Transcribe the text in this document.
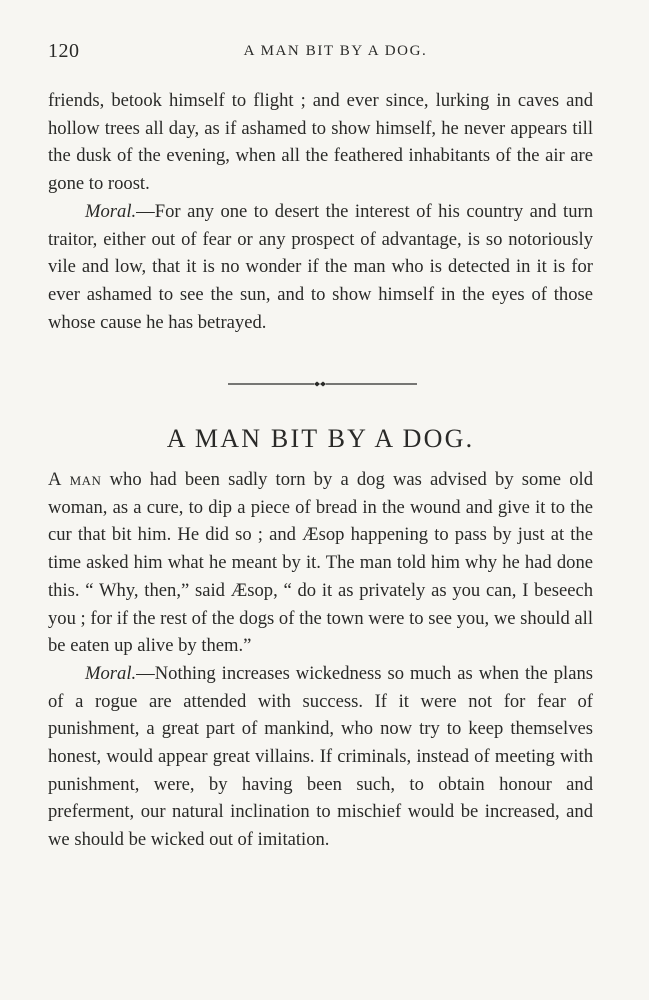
120	A MAN BIT BY A DOG.

friends, betook himself to flight ; and ever since, lurking in caves and hollow trees all day, as if ashamed to show himself, he never appears till the dusk of the evening, when all the feathered inhabitants of the air are gone to roost.

Moral.—For any one to desert the interest of his country and turn traitor, either out of fear or any prospect of advantage, is so notoriously vile and low, that it is no wonder if the man who is detected in it is for ever ashamed to see the sun, and to show himself in the eyes of those whose cause he has betrayed.

A MAN BIT BY A DOG.

A man who had been sadly torn by a dog was advised by some old woman, as a cure, to dip a piece of bread in the wound and give it to the cur that bit him. He did so ; and Æsop happening to pass by just at the time asked him what he meant by it. The man told him why he had done this. “ Why, then,” said Æsop, “ do it as privately as you can, I beseech you ; for if the rest of the dogs of the town were to see you, we should all be eaten up alive by them.”

Moral.—Nothing increases wickedness so much as when the plans of a rogue are attended with success. If it were not for fear of punishment, a great part of mankind, who now try to keep themselves honest, would appear great villains. If criminals, instead of meeting with punishment, were, by having been such, to obtain honour and preferment, our natural inclination to mischief would be increased, and we should be wicked out of imitation.
